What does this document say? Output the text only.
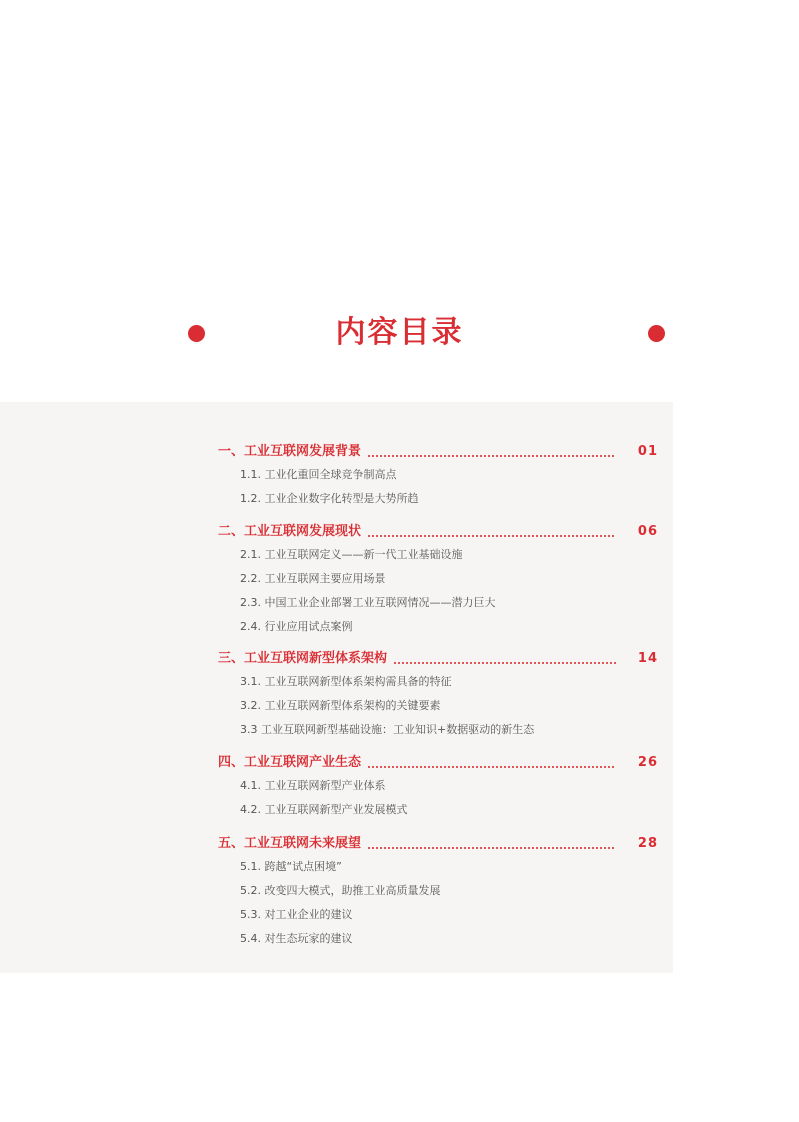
内容目录
一、工业互联网发展背景	01
1.1. 工业化重回全球竞争制高点
1.2. 工业企业数字化转型是大势所趋
二、工业互联网发展现状	06
2.1. 工业互联网定义——新一代工业基础设施
2.2. 工业互联网主要应用场景
2.3. 中国工业企业部署工业互联网情况——潜力巨大
2.4. 行业应用试点案例
三、工业互联网新型体系架构	14
3.1. 工业互联网新型体系架构需具备的特征
3.2. 工业互联网新型体系架构的关键要素
3.3 工业互联网新型基础设施：工业知识+数据驱动的新生态
四、工业互联网产业生态	26
4.1. 工业互联网新型产业体系
4.2. 工业互联网新型产业发展模式
五、工业互联网未来展望	28
5.1. 跨越“试点困境”
5.2. 改变四大模式，助推工业高质量发展
5.3. 对工业企业的建议
5.4. 对生态玩家的建议
